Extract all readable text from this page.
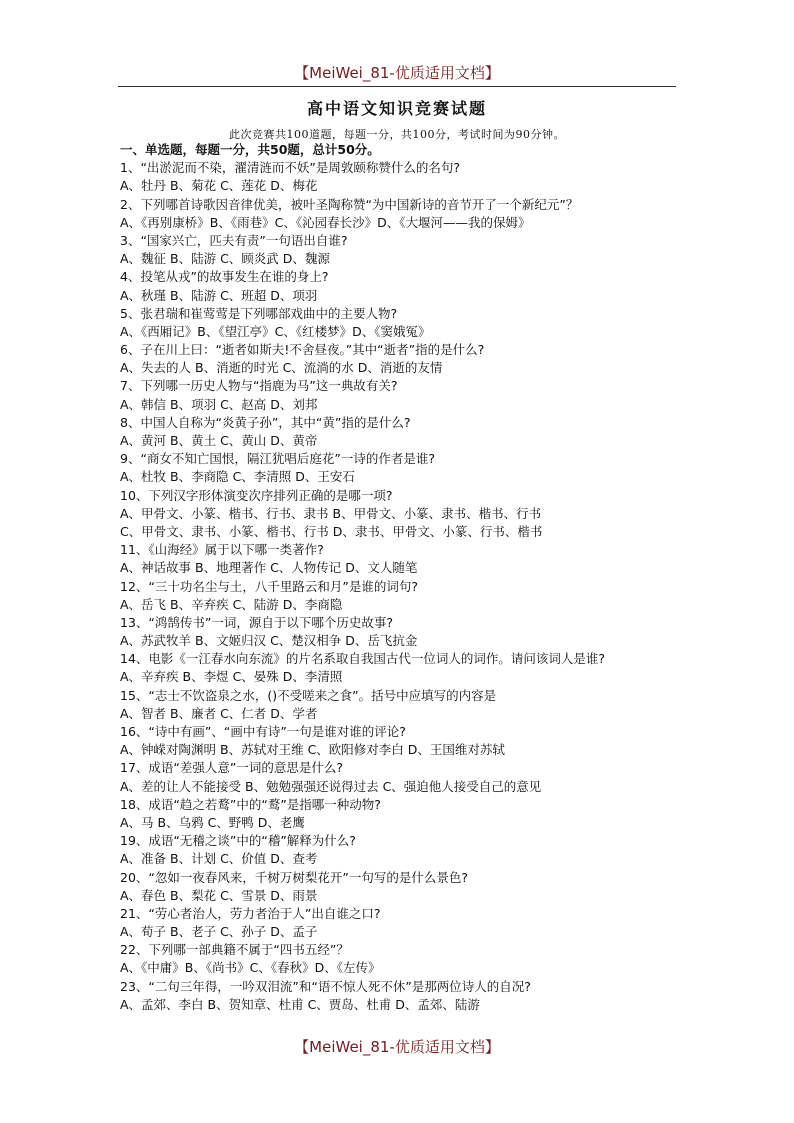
【MeiWei_81-优质适用文档】
高中语文知识竞赛试题
此次竞赛共100道题，每题一分，共100分，考试时间为90分钟。
一、单选题，每题一分，共50题，总计50分。
1、“出淤泥而不染，濯清涟而不妖”是周敦颐称赞什么的名句?
A、牡丹 B、菊花 C、莲花 D、梅花
2、下列哪首诗歌因音律优美，被叶圣陶称赞“为中国新诗的音节开了一个新纪元”？
A、《再别康桥》B、《雨巷》C、《沁园春长沙》D、《大堰河——我的保姆》
3、“国家兴亡，匹夫有责”一句语出自谁?
A、魏征 B、陆游 C、顾炎武 D、魏源
4、投笔从戎”的故事发生在谁的身上?
A、秋瑾 B、陆游 C、班超 D、项羽
5、张君瑞和崔莺莺是下列哪部戏曲中的主要人物?
A、《西厢记》B、《望江亭》C、《红楼梦》D、《窦娥冤》
6、子在川上曰：“逝者如斯夫!不舍昼夜。”其中“逝者”指的是什么?
A、失去的人 B、消逝的时光 C、流淌的水 D、消逝的友情
7、下列哪一历史人物与“指鹿为马”这一典故有关?
A、韩信 B、项羽 C、赵高 D、刘邦
8、中国人自称为“炎黄子孙”，其中“黄”指的是什么?
A、黄河 B、黄土 C、黄山 D、黄帝
9、“商女不知亡国恨，隔江犹唱后庭花”一诗的作者是谁?
A、杜牧 B、李商隐 C、李清照 D、王安石
10、下列汉字形体演变次序排列正确的是哪一项?
A、甲骨文、小篆、楷书、行书、隶书 B、甲骨文、小篆、隶书、楷书、行书
C、甲骨文、隶书、小篆、楷书、行书 D、隶书、甲骨文、小篆、行书、楷书
11、《山海经》属于以下哪一类著作?
A、神话故事 B、地理著作 C、人物传记 D、文人随笔
12、“三十功名尘与土，八千里路云和月”是谁的词句?
A、岳飞 B、辛弃疾 C、陆游 D、李商隐
13、“鸿鹄传书”一词，源自于以下哪个历史故事?
A、苏武牧羊 B、文姬归汉 C、楚汉相争 D、岳飞抗金
14、电影《一江春水向东流》的片名系取自我国古代一位词人的词作。请问该词人是谁?
A、辛弃疾 B、李煜 C、晏殊 D、李清照
15、“志士不饮盗泉之水，()不受嗟来之食”。括号中应填写的内容是
A、智者 B、廉者 C、仁者 D、学者
16、“诗中有画”、“画中有诗”一句是谁对谁的评论?
A、钟嵘对陶渊明 B、苏轼对王维 C、欧阳修对李白 D、王国维对苏轼
17、成语“差强人意”一词的意思是什么?
A、差的让人不能接受 B、勉勉强强还说得过去 C、强迫他人接受自己的意见
18、成语“趋之若鹜”中的“鹜”是指哪一种动物?
A、马 B、乌鸦 C、野鸭 D、老鹰
19、成语“无稽之谈”中的“稽”解释为什么?
A、准备 B、计划 C、价值 D、查考
20、“忽如一夜春风来，千树万树梨花开”一句写的是什么景色?
A、春色 B、梨花 C、雪景 D、雨景
21、“劳心者治人，劳力者治于人”出自谁之口?
A、荀子 B、老子 C、孙子 D、孟子
22、下列哪一部典籍不属于“四书五经”？
A、《中庸》B、《尚书》C、《春秋》D、《左传》
23、“二句三年得，一吟双泪流”和“语不惊人死不休”是那两位诗人的自况?
A、孟郊、李白 B、贺知章、杜甫 C、贾岛、杜甫 D、孟郊、陆游
【MeiWei_81-优质适用文档】
